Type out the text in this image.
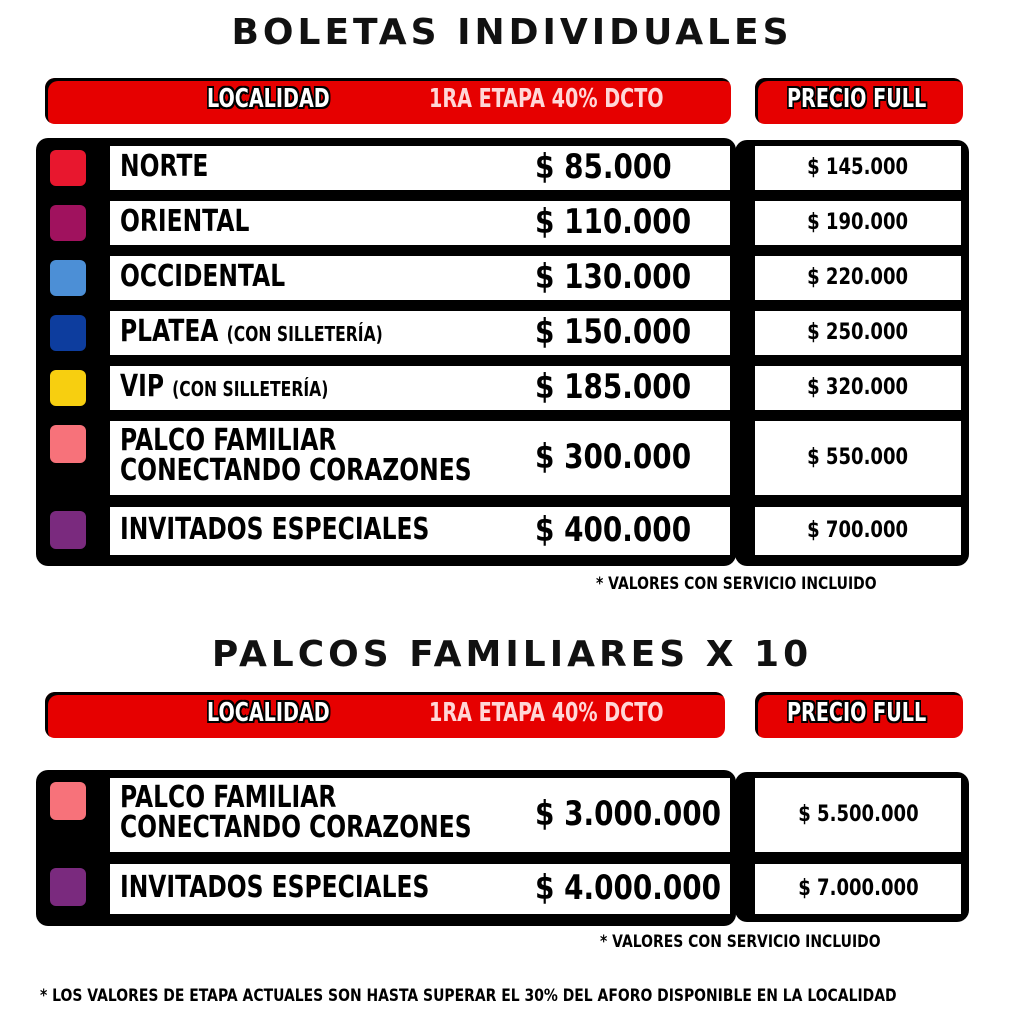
BOLETAS INDIVIDUALES
LOCALIDAD	1RA ETAPA 40% DCTO	PRECIO FULL
NORTE	$ 85.000	$ 145.000
ORIENTAL	$ 110.000	$ 190.000
OCCIDENTAL	$ 130.000	$ 220.000
PLATEA (CON SILLETERÍA)	$ 150.000	$ 250.000
VIP (CON SILLETERÍA)	$ 185.000	$ 320.000
PALCO FAMILIAR
CONECTANDO CORAZONES $ 300.000	$ 550.000
INVITADOS ESPECIALES	$ 400.000	$ 700.000
* VALORES CON SERVICIO INCLUIDO
PALCOS FAMILIARES X 10
LOCALIDAD	1RA ETAPA 40% DCTO	PRECIO FULL
PALCO FAMILIAR
CONECTANDO CORAZONES $ 3.000.000	$ 5.500.000
INVITADOS ESPECIALES	$ 4.000.000	$ 7.000.000
* VALORES CON SERVICIO INCLUIDO
* LOS VALORES DE ETAPA ACTUALES SON HASTA SUPERAR EL 30% DEL AFORO DISPONIBLE EN LA LOCALIDAD
